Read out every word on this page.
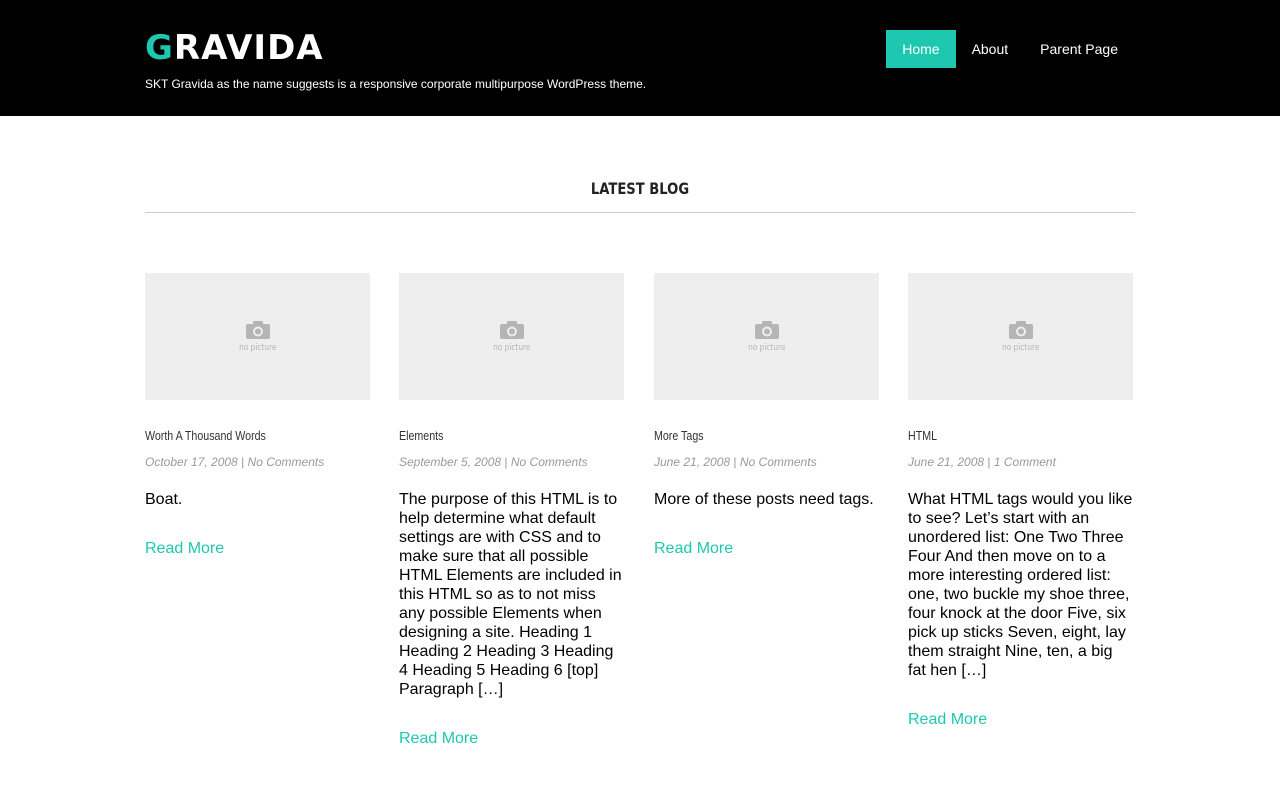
GRAVIDA

SKT Gravida as the name suggests is a responsive corporate multipurpose WordPress theme.

Home	About	Parent Page
LATEST BLOG
no picture
Worth A Thousand Words
October 17, 2008 | No Comments

Boat.

Read More
no picture
Elements
September 5, 2008 | No Comments

The purpose of this HTML is to help determine what default settings are with CSS and to make sure that all possible HTML Elements are included in this HTML so as to not miss any possible Elements when designing a site. Heading 1 Heading 2 Heading 3 Heading 4 Heading 5 Heading 6 [top] Paragraph […]

Read More
no picture
More Tags
June 21, 2008 | No Comments

More of these posts need tags.

Read More
no picture
HTML
June 21, 2008 | 1 Comment

What HTML tags would you like to see? Let’s start with an unordered list: One Two Three Four And then move on to a more interesting ordered list: one, two buckle my shoe three, four knock at the door Five, six pick up sticks Seven, eight, lay them straight Nine, ten, a big fat hen […]

Read More
